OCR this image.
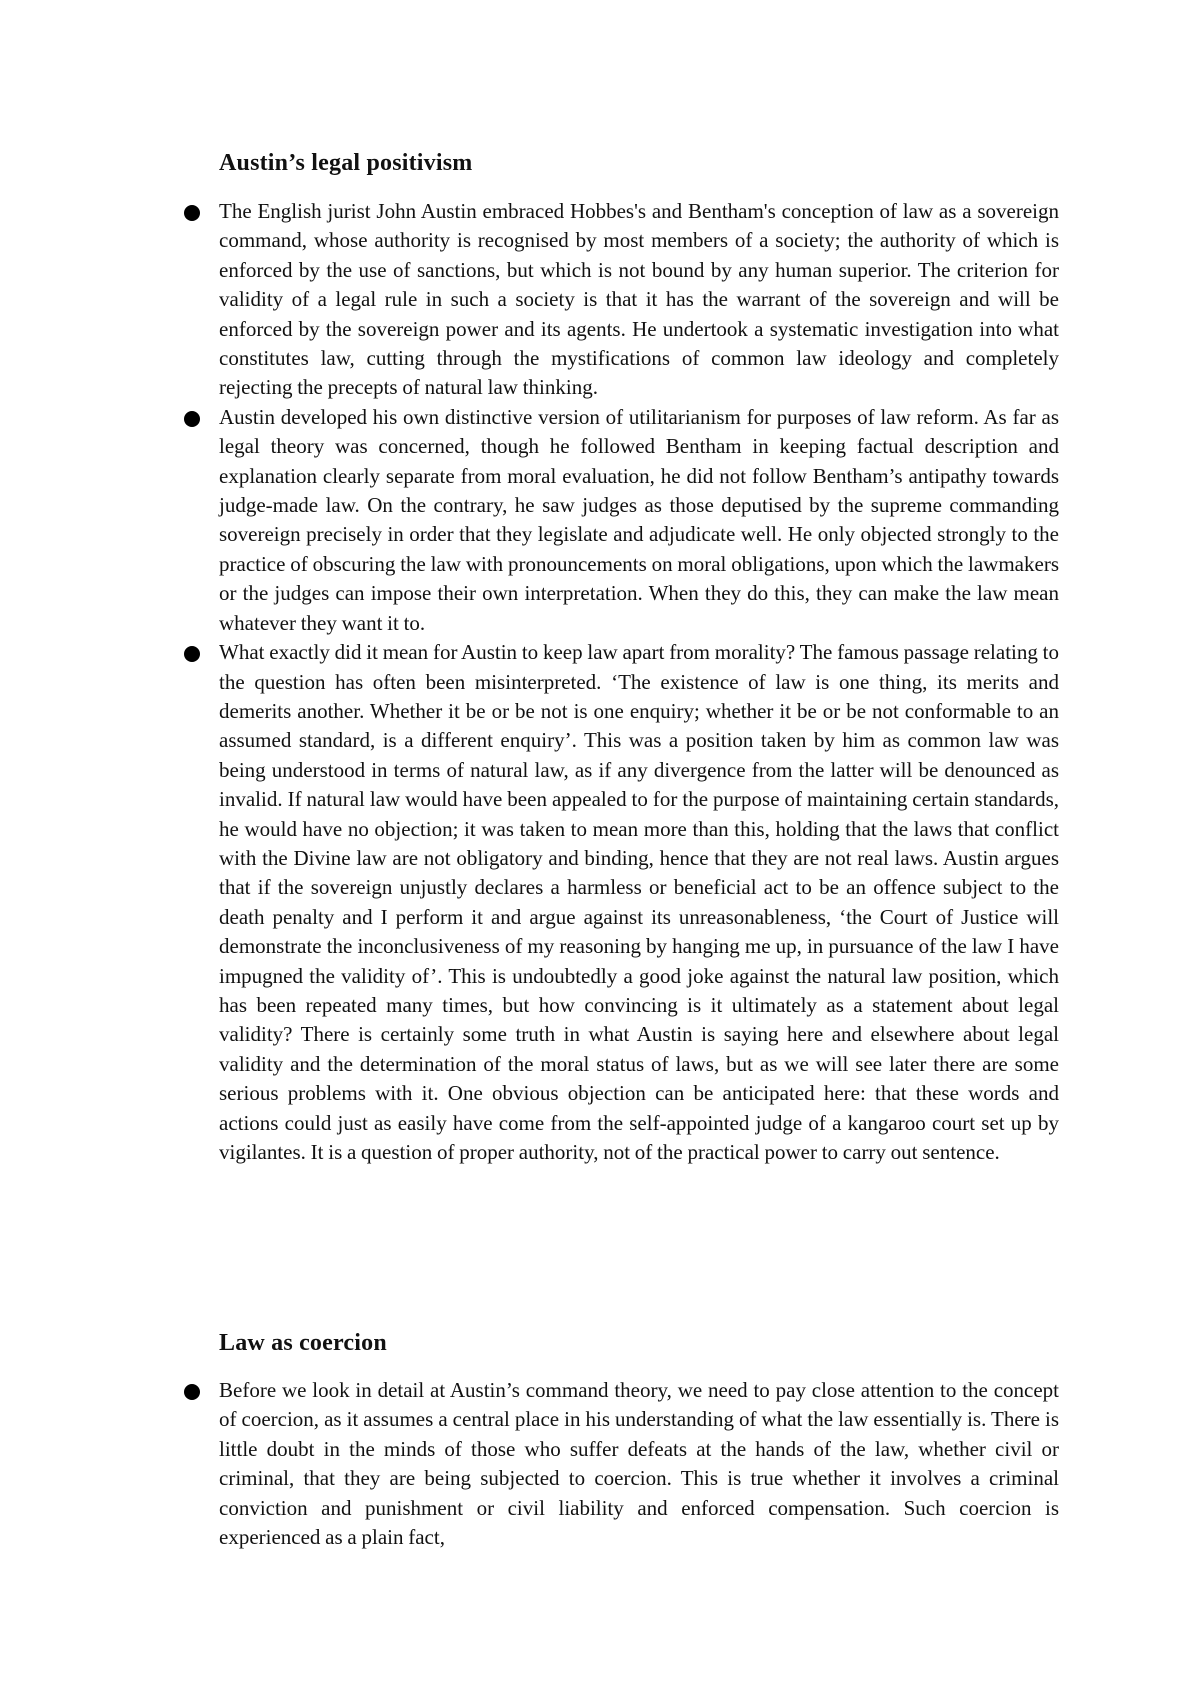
Austin’s legal positivism
The English jurist John Austin embraced Hobbes's and Bentham's conception of law as a sovereign command, whose authority is recognised by most members of a society; the authority of which is enforced by the use of sanctions, but which is not bound by any human superior. The criterion for validity of a legal rule in such a society is that it has the warrant of the sovereign and will be enforced by the sovereign power and its agents. He undertook a systematic investigation into what constitutes law, cutting through the mystifications of common law ideology and completely rejecting the precepts of natural law thinking.
Austin developed his own distinctive version of utilitarianism for purposes of law reform. As far as legal theory was concerned, though he followed Bentham in keeping factual description and explanation clearly separate from moral evaluation, he did not follow Bentham’s antipathy towards judge-made law. On the contrary, he saw judges as those deputised by the supreme commanding sovereign precisely in order that they legislate and adjudicate well. He only objected strongly to the practice of obscuring the law with pronouncements on moral obligations, upon which the lawmakers or the judges can impose their own interpretation. When they do this, they can make the law mean whatever they want it to.
What exactly did it mean for Austin to keep law apart from morality? The famous passage relating to the question has often been misinterpreted. ‘The existence of law is one thing, its merits and demerits another. Whether it be or be not is one enquiry; whether it be or be not conformable to an assumed standard, is a different enquiry’. This was a position taken by him as common law was being understood in terms of natural law, as if any divergence from the latter will be denounced as invalid. If natural law would have been appealed to for the purpose of maintaining certain standards, he would have no objection; it was taken to mean more than this, holding that the laws that conflict with the Divine law are not obligatory and binding, hence that they are not real laws. Austin argues that if the sovereign unjustly declares a harmless or beneficial act to be an offence subject to the death penalty and I perform it and argue against its unreasonableness, ‘the Court of Justice will demonstrate the inconclusiveness of my reasoning by hanging me up, in pursuance of the law I have impugned the validity of’. This is undoubtedly a good joke against the natural law position, which has been repeated many times, but how convincing is it ultimately as a statement about legal validity? There is certainly some truth in what Austin is saying here and elsewhere about legal validity and the determination of the moral status of laws, but as we will see later there are some serious problems with it. One obvious objection can be anticipated here: that these words and actions could just as easily have come from the self-appointed judge of a kangaroo court set up by vigilantes. It is a question of proper authority, not of the practical power to carry out sentence.
Law as coercion
Before we look in detail at Austin’s command theory, we need to pay close attention to the concept of coercion, as it assumes a central place in his understanding of what the law essentially is. There is little doubt in the minds of those who suffer defeats at the hands of the law, whether civil or criminal, that they are being subjected to coercion. This is true whether it involves a criminal conviction and punishment or civil liability and enforced compensation. Such coercion is experienced as a plain fact,
